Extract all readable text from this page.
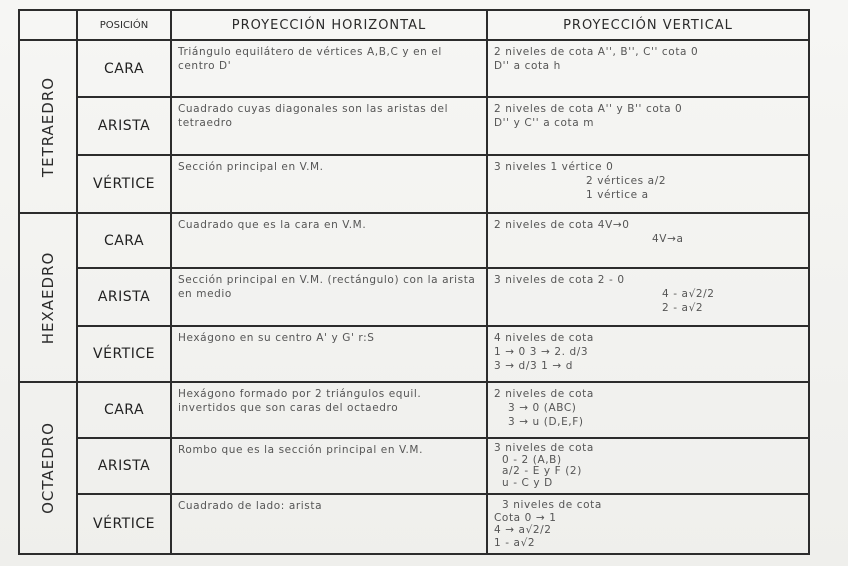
	POSICIÓN	PROYECCIÓN HORIZONTAL	PROYECCIÓN VERTICAL

TETRAEDRO	CARA	Triángulo equilátero de vértices A,B,C y en el centro D'	2 niveles de cota A'', B'', C'' cota 0
D'' a cota h

	ARISTA	Cuadrado cuyas diagonales son las aristas del tetraedro	2 niveles de cota A'' y B'' cota 0
D'' y C'' a cota m

	VÉRTICE	Sección principal en V.M.	3 niveles 1 vértice 0
2 vértices a/2
1 vértice a

HEXAEDRO	CARA	Cuadrado que es la cara en V.M.	2 niveles de cota 4V→0
4V→a

	ARISTA	Sección principal en V.M. (rectángulo) con la arista en medio	3 niveles de cota 2 - 0
4 - a√2/2
2 - a√2

	VÉRTICE	Hexágono en su centro A' y G' r:S	4 niveles de cota
1 → 0 3 → 2. d/3
3 → d/3 1 → d

OCTAEDRO	CARA	Hexágono formado por 2 triángulos equil. invertidos que son caras del octaedro	2 niveles de cota
3 → 0 (ABC)
3 → u (D,E,F)

	ARISTA	Rombo que es la sección principal en V.M.	3 niveles de cota
0 - 2 (A,B)
a/2 - E y F (2)
u - C y D

	VÉRTICE	Cuadrado de lado: arista	3 niveles de cota
Cota 0 → 1
4 → a√2/2
1 - a√2
